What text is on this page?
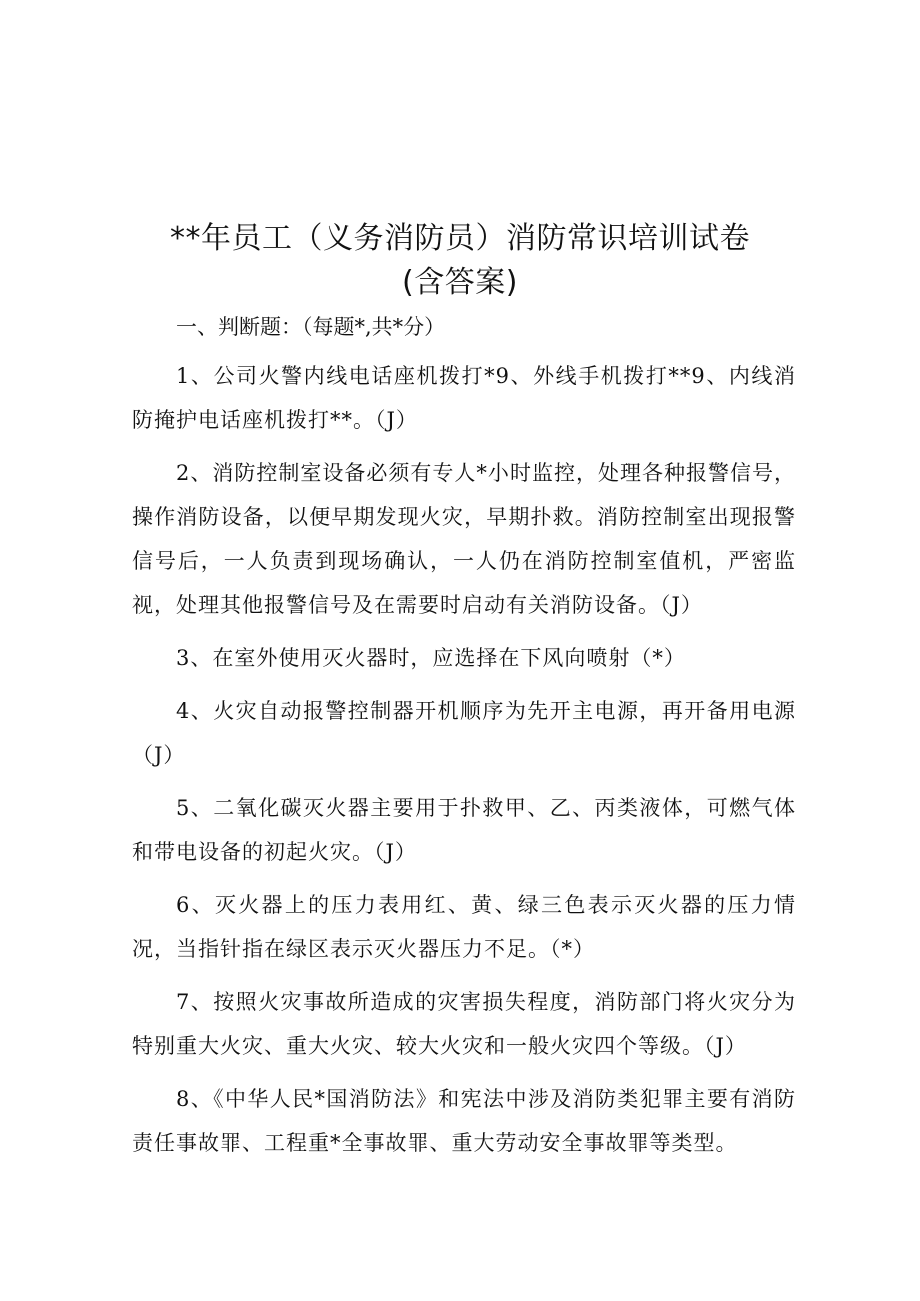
**年员工（义务消防员）消防常识培训试卷
(含答案)
一、判断题：（每题*,共*分）

1、公司火警内线电话座机拨打*9、外线手机拨打**9、内线消防掩护电话座机拨打**。（J）

2、消防控制室设备必须有专人*小时监控，处理各种报警信号，操作消防设备，以便早期发现火灾，早期扑救。消防控制室出现报警信号后，一人负责到现场确认，一人仍在消防控制室值机，严密监视，处理其他报警信号及在需要时启动有关消防设备。（J）

3、在室外使用灭火器时，应选择在下风向喷射（*）

4、火灾自动报警控制器开机顺序为先开主电源，再开备用电源（J）

5、二氧化碳灭火器主要用于扑救甲、乙、丙类液体，可燃气体和带电设备的初起火灾。（J）

6、灭火器上的压力表用红、黄、绿三色表示灭火器的压力情况，当指针指在绿区表示灭火器压力不足。（*）

7、按照火灾事故所造成的灾害损失程度，消防部门将火灾分为特别重大火灾、重大火灾、较大火灾和一般火灾四个等级。（J）

8、《中华人民*国消防法》和宪法中涉及消防类犯罪主要有消防责任事故罪、工程重*全事故罪、重大劳动安全事故罪等类型。
